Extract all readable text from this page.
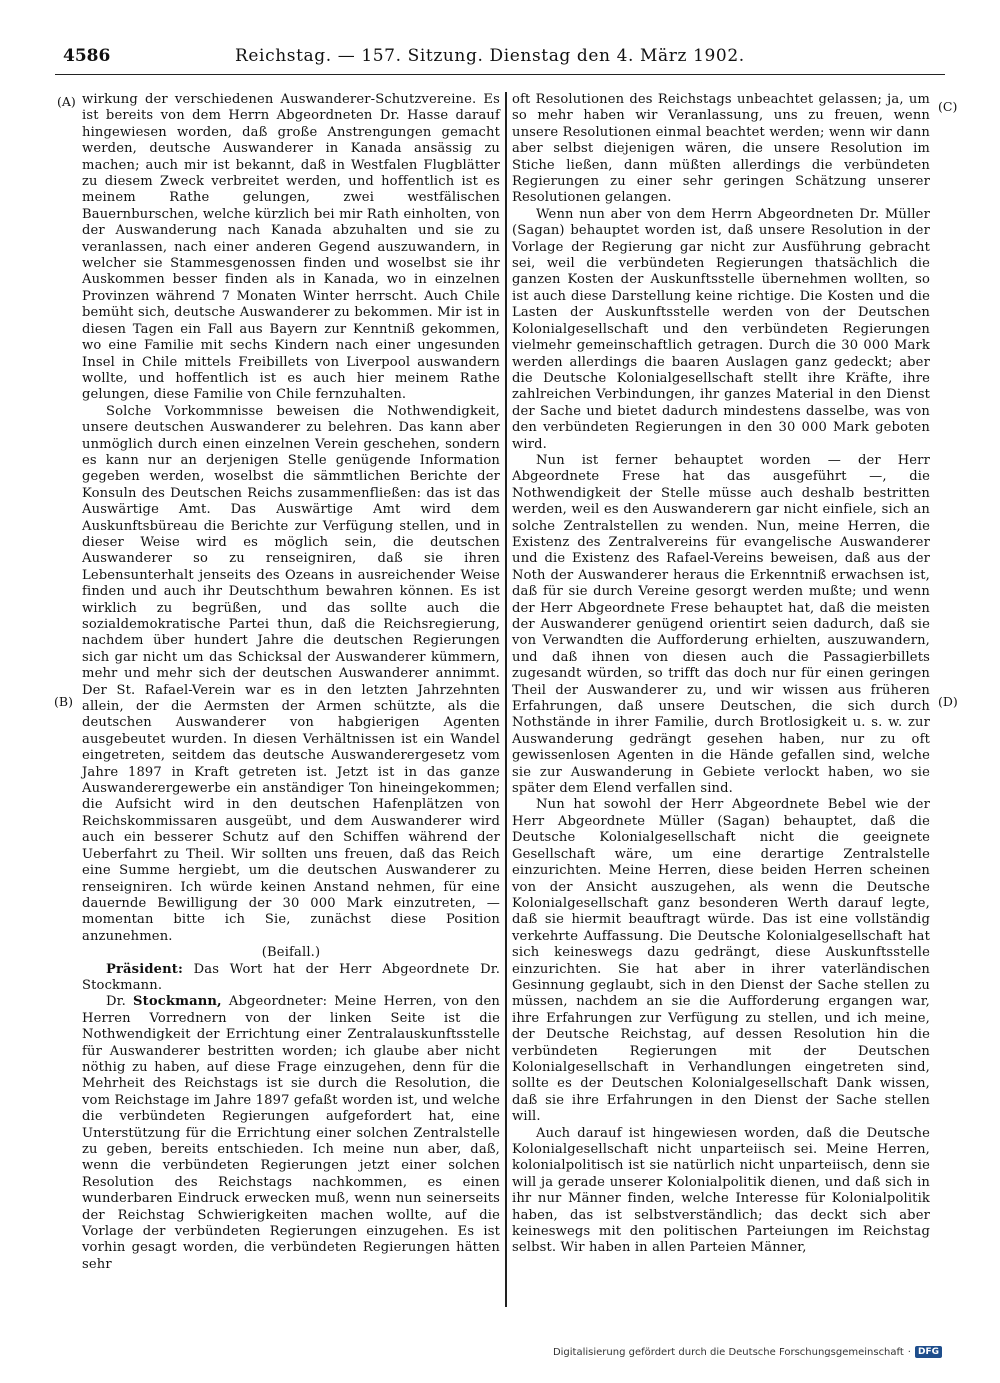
4586	Reichstag. — 157. Sitzung. Dienstag den 4. März 1902.
(A)
(B)
(C)
(D)

wirkung der verschiedenen Auswanderer-Schutzvereine. Es ist bereits von dem Herrn Abgeordneten Dr. Hasse darauf hingewiesen worden, daß große Anstrengungen gemacht werden, deutsche Auswanderer in Kanada ansässig zu machen; auch mir ist bekannt, daß in Westfalen Flugblätter zu diesem Zweck verbreitet werden, und hoffentlich ist es meinem Rathe gelungen, zwei westfälischen Bauernburschen, welche kürzlich bei mir Rath einholten, von der Auswanderung nach Kanada abzuhalten und sie zu veranlassen, nach einer anderen Gegend auszuwandern, in welcher sie Stammesgenossen finden und woselbst sie ihr Auskommen besser finden als in Kanada, wo in einzelnen Provinzen während 7 Monaten Winter herrscht. Auch Chile bemüht sich, deutsche Auswanderer zu bekommen. Mir ist in diesen Tagen ein Fall aus Bayern zur Kenntniß gekommen, wo eine Familie mit sechs Kindern nach einer ungesunden Insel in Chile mittels Freibillets von Liverpool auswandern wollte, und hoffentlich ist es auch hier meinem Rathe gelungen, diese Familie von Chile fernzuhalten.

Solche Vorkommnisse beweisen die Nothwendigkeit, unsere deutschen Auswanderer zu belehren. Das kann aber unmöglich durch einen einzelnen Verein geschehen, sondern es kann nur an derjenigen Stelle genügende Information gegeben werden, woselbst die sämmtlichen Berichte der Konsuln des Deutschen Reichs zusammenfließen: das ist das Auswärtige Amt. Das Auswärtige Amt wird dem Auskunftsbüreau die Berichte zur Verfügung stellen, und in dieser Weise wird es möglich sein, die deutschen Auswanderer so zu renseigniren, daß sie ihren Lebensunterhalt jenseits des Ozeans in ausreichender Weise finden und auch ihr Deutschthum bewahren können. Es ist wirklich zu begrüßen, und das sollte auch die sozialdemokratische Partei thun, daß die Reichsregierung, nachdem über hundert Jahre die deutschen Regierungen sich gar nicht um das Schicksal der Auswanderer kümmern, mehr und mehr sich der deutschen Auswanderer annimmt. Der St. Rafael-Verein war es in den letzten Jahrzehnten allein, der die Aermsten der Armen schützte, als die deutschen Auswanderer von habgierigen Agenten ausgebeutet wurden. In diesen Verhältnissen ist ein Wandel eingetreten, seitdem das deutsche Auswanderergesetz vom Jahre 1897 in Kraft getreten ist. Jetzt ist in das ganze Auswanderergewerbe ein anständiger Ton hineingekommen; die Aufsicht wird in den deutschen Hafenplätzen von Reichskommissaren ausgeübt, und dem Auswanderer wird auch ein besserer Schutz auf den Schiffen während der Ueberfahrt zu Theil. Wir sollten uns freuen, daß das Reich eine Summe hergiebt, um die deutschen Auswanderer zu renseigniren. Ich würde keinen Anstand nehmen, für eine dauernde Bewilligung der 30 000 Mark einzutreten, — momentan bitte ich Sie, zunächst diese Position anzunehmen.

(Beifall.)

Präsident: Das Wort hat der Herr Abgeordnete Dr. Stockmann.

Dr. Stockmann, Abgeordneter: Meine Herren, von den Herren Vorrednern von der linken Seite ist die Nothwendigkeit der Errichtung einer Zentralauskunftsstelle für Auswanderer bestritten worden; ich glaube aber nicht nöthig zu haben, auf diese Frage einzugehen, denn für die Mehrheit des Reichstags ist sie durch die Resolution, die vom Reichstage im Jahre 1897 gefaßt worden ist, und welche die verbündeten Regierungen aufgefordert hat, eine Unterstützung für die Errichtung einer solchen Zentralstelle zu geben, bereits entschieden. Ich meine nun aber, daß, wenn die verbündeten Regierungen jetzt einer solchen Resolution des Reichstags nachkommen, es einen wunderbaren Eindruck erwecken muß, wenn nun seinerseits der Reichstag Schwierigkeiten machen wollte, auf die Vorlage der verbündeten Regierungen einzugehen. Es ist vorhin gesagt worden, die verbündeten Regierungen hätten sehr

oft Resolutionen des Reichstags unbeachtet gelassen; ja, um so mehr haben wir Veranlassung, uns zu freuen, wenn unsere Resolutionen einmal beachtet werden; wenn wir dann aber selbst diejenigen wären, die unsere Resolution im Stiche ließen, dann müßten allerdings die verbündeten Regierungen zu einer sehr geringen Schätzung unserer Resolutionen gelangen.

Wenn nun aber von dem Herrn Abgeordneten Dr. Müller (Sagan) behauptet worden ist, daß unsere Resolution in der Vorlage der Regierung gar nicht zur Ausführung gebracht sei, weil die verbündeten Regierungen thatsächlich die ganzen Kosten der Auskunftsstelle übernehmen wollten, so ist auch diese Darstellung keine richtige. Die Kosten und die Lasten der Auskunftsstelle werden von der Deutschen Kolonialgesellschaft und den verbündeten Regierungen vielmehr gemeinschaftlich getragen. Durch die 30 000 Mark werden allerdings die baaren Auslagen ganz gedeckt; aber die Deutsche Kolonialgesellschaft stellt ihre Kräfte, ihre zahlreichen Verbindungen, ihr ganzes Material in den Dienst der Sache und bietet dadurch mindestens dasselbe, was von den verbündeten Regierungen in den 30 000 Mark geboten wird.

Nun ist ferner behauptet worden — der Herr Abgeordnete Frese hat das ausgeführt —, die Nothwendigkeit der Stelle müsse auch deshalb bestritten werden, weil es den Auswanderern gar nicht einfiele, sich an solche Zentralstellen zu wenden. Nun, meine Herren, die Existenz des Zentralvereins für evangelische Auswanderer und die Existenz des Rafael-Vereins beweisen, daß aus der Noth der Auswanderer heraus die Erkenntniß erwachsen ist, daß für sie durch Vereine gesorgt werden mußte; und wenn der Herr Abgeordnete Frese behauptet hat, daß die meisten der Auswanderer genügend orientirt seien dadurch, daß sie von Verwandten die Aufforderung erhielten, auszuwandern, und daß ihnen von diesen auch die Passagierbillets zugesandt würden, so trifft das doch nur für einen geringen Theil der Auswanderer zu, und wir wissen aus früheren Erfahrungen, daß unsere Deutschen, die sich durch Nothstände in ihrer Familie, durch Brotlosigkeit u. s. w. zur Auswanderung gedrängt gesehen haben, nur zu oft gewissenlosen Agenten in die Hände gefallen sind, welche sie zur Auswanderung in Gebiete verlockt haben, wo sie später dem Elend verfallen sind.

Nun hat sowohl der Herr Abgeordnete Bebel wie der Herr Abgeordnete Müller (Sagan) behauptet, daß die Deutsche Kolonialgesellschaft nicht die geeignete Gesellschaft wäre, um eine derartige Zentralstelle einzurichten. Meine Herren, diese beiden Herren scheinen von der Ansicht auszugehen, als wenn die Deutsche Kolonialgesellschaft ganz besonderen Werth darauf legte, daß sie hiermit beauftragt würde. Das ist eine vollständig verkehrte Auffassung. Die Deutsche Kolonialgesellschaft hat sich keineswegs dazu gedrängt, diese Auskunftsstelle einzurichten. Sie hat aber in ihrer vaterländischen Gesinnung geglaubt, sich in den Dienst der Sache stellen zu müssen, nachdem an sie die Aufforderung ergangen war, ihre Erfahrungen zur Verfügung zu stellen, und ich meine, der Deutsche Reichstag, auf dessen Resolution hin die verbündeten Regierungen mit der Deutschen Kolonialgesellschaft in Verhandlungen eingetreten sind, sollte es der Deutschen Kolonialgesellschaft Dank wissen, daß sie ihre Erfahrungen in den Dienst der Sache stellen will.

Auch darauf ist hingewiesen worden, daß die Deutsche Kolonialgesellschaft nicht unparteiisch sei. Meine Herren, kolonialpolitisch ist sie natürlich nicht unparteiisch, denn sie will ja gerade unserer Kolonialpolitik dienen, und daß sich in ihr nur Männer finden, welche Interesse für Kolonialpolitik haben, das ist selbstverständlich; das deckt sich aber keineswegs mit den politischen Parteiungen im Reichstag selbst. Wir haben in allen Parteien Männer,

Digitalisierung gefördert durch die Deutsche Forschungsgemeinschaft · DFG
